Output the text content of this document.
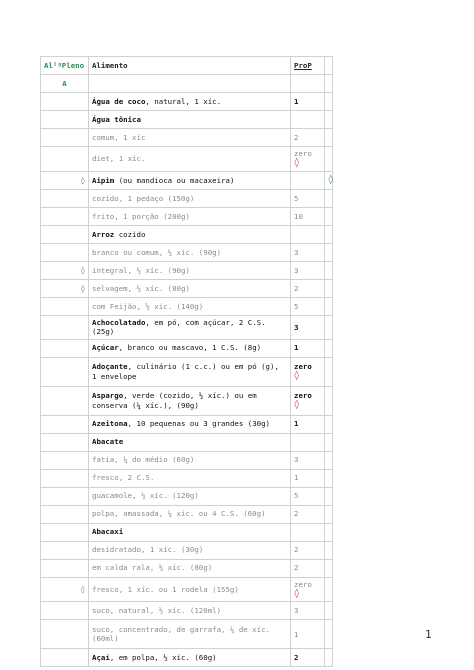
AlᴵᵍPleno	Alimento	ProP	
A			
	Água de coco, natural, 1 xíc.	1	
	Água tônica		
	comum, 1 xíc	2	
	diet, 1 xíc.	zero ◊	
◊	Aipim (ou mandioca ou macaxeira)		◊
	cozido, 1 pedaço (150g)	5	
	frito, 1 porção (200g)	10	
	Arroz cozido		
	branco ou comum, ½ xíc. (90g)	3	
◊	integral, ½ xíc. (90g)	3	
◊	selvagem, ½ xíc. (80g)	2	
	com Feijão, ½ xíc. (140g)	5	
	Achocolatado, em pó, com açúcar, 2 C.S. (25g)	3	
	Açúcar, branco ou mascavo, 1 C.S. (8g)	1	
	Adoçante, culinário (1 c.c.) ou em pó (g), 1 envelope	zero ◊	
	Aspargo, verde (cozido, ½ xíc.) ou em conserva (¼ xíc.), (90g)	zero ◊	
	Azeitona, 10 pequenas ou 3 grandes (30g)	1	
	Abacate		
	fatia, ¼ do médio (60g)	3	
	fresco, 2 C.S.	1	
	guacamole, ½ xíc. (120g)	5	
	polpa, amassada, ¼ xíc. ou 4 C.S. (60g)	2	
	Abacaxi		
	desidratado, 1 xíc. (30g)	2	
	em calda rala, ½ xíc. (80g)	2	
◊	fresco, 1 xíc. ou 1 rodela (155g)	zero ◊	
	suco, natural, ½ xíc. (120ml)	3	
	suco, concentrado, de garrafa, ¼ de xíc. (60ml)	1	
	Açaí, em polpa, ½ xíc. (60g)	2	
1
